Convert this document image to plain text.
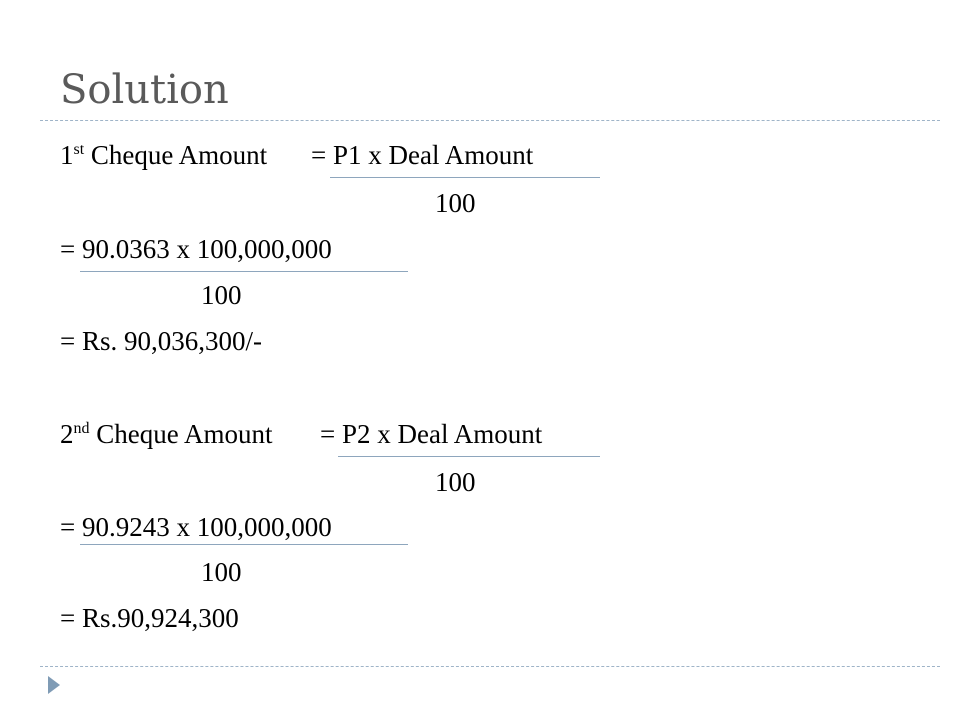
Solution
1st Cheque Amount = P1 x Deal Amount
100
= 90.0363 x 100,000,000
100
= Rs. 90,036,300/-
2nd Cheque Amount = P2 x Deal Amount
100
= 90.9243 x 100,000,000
100
= Rs.90,924,300
